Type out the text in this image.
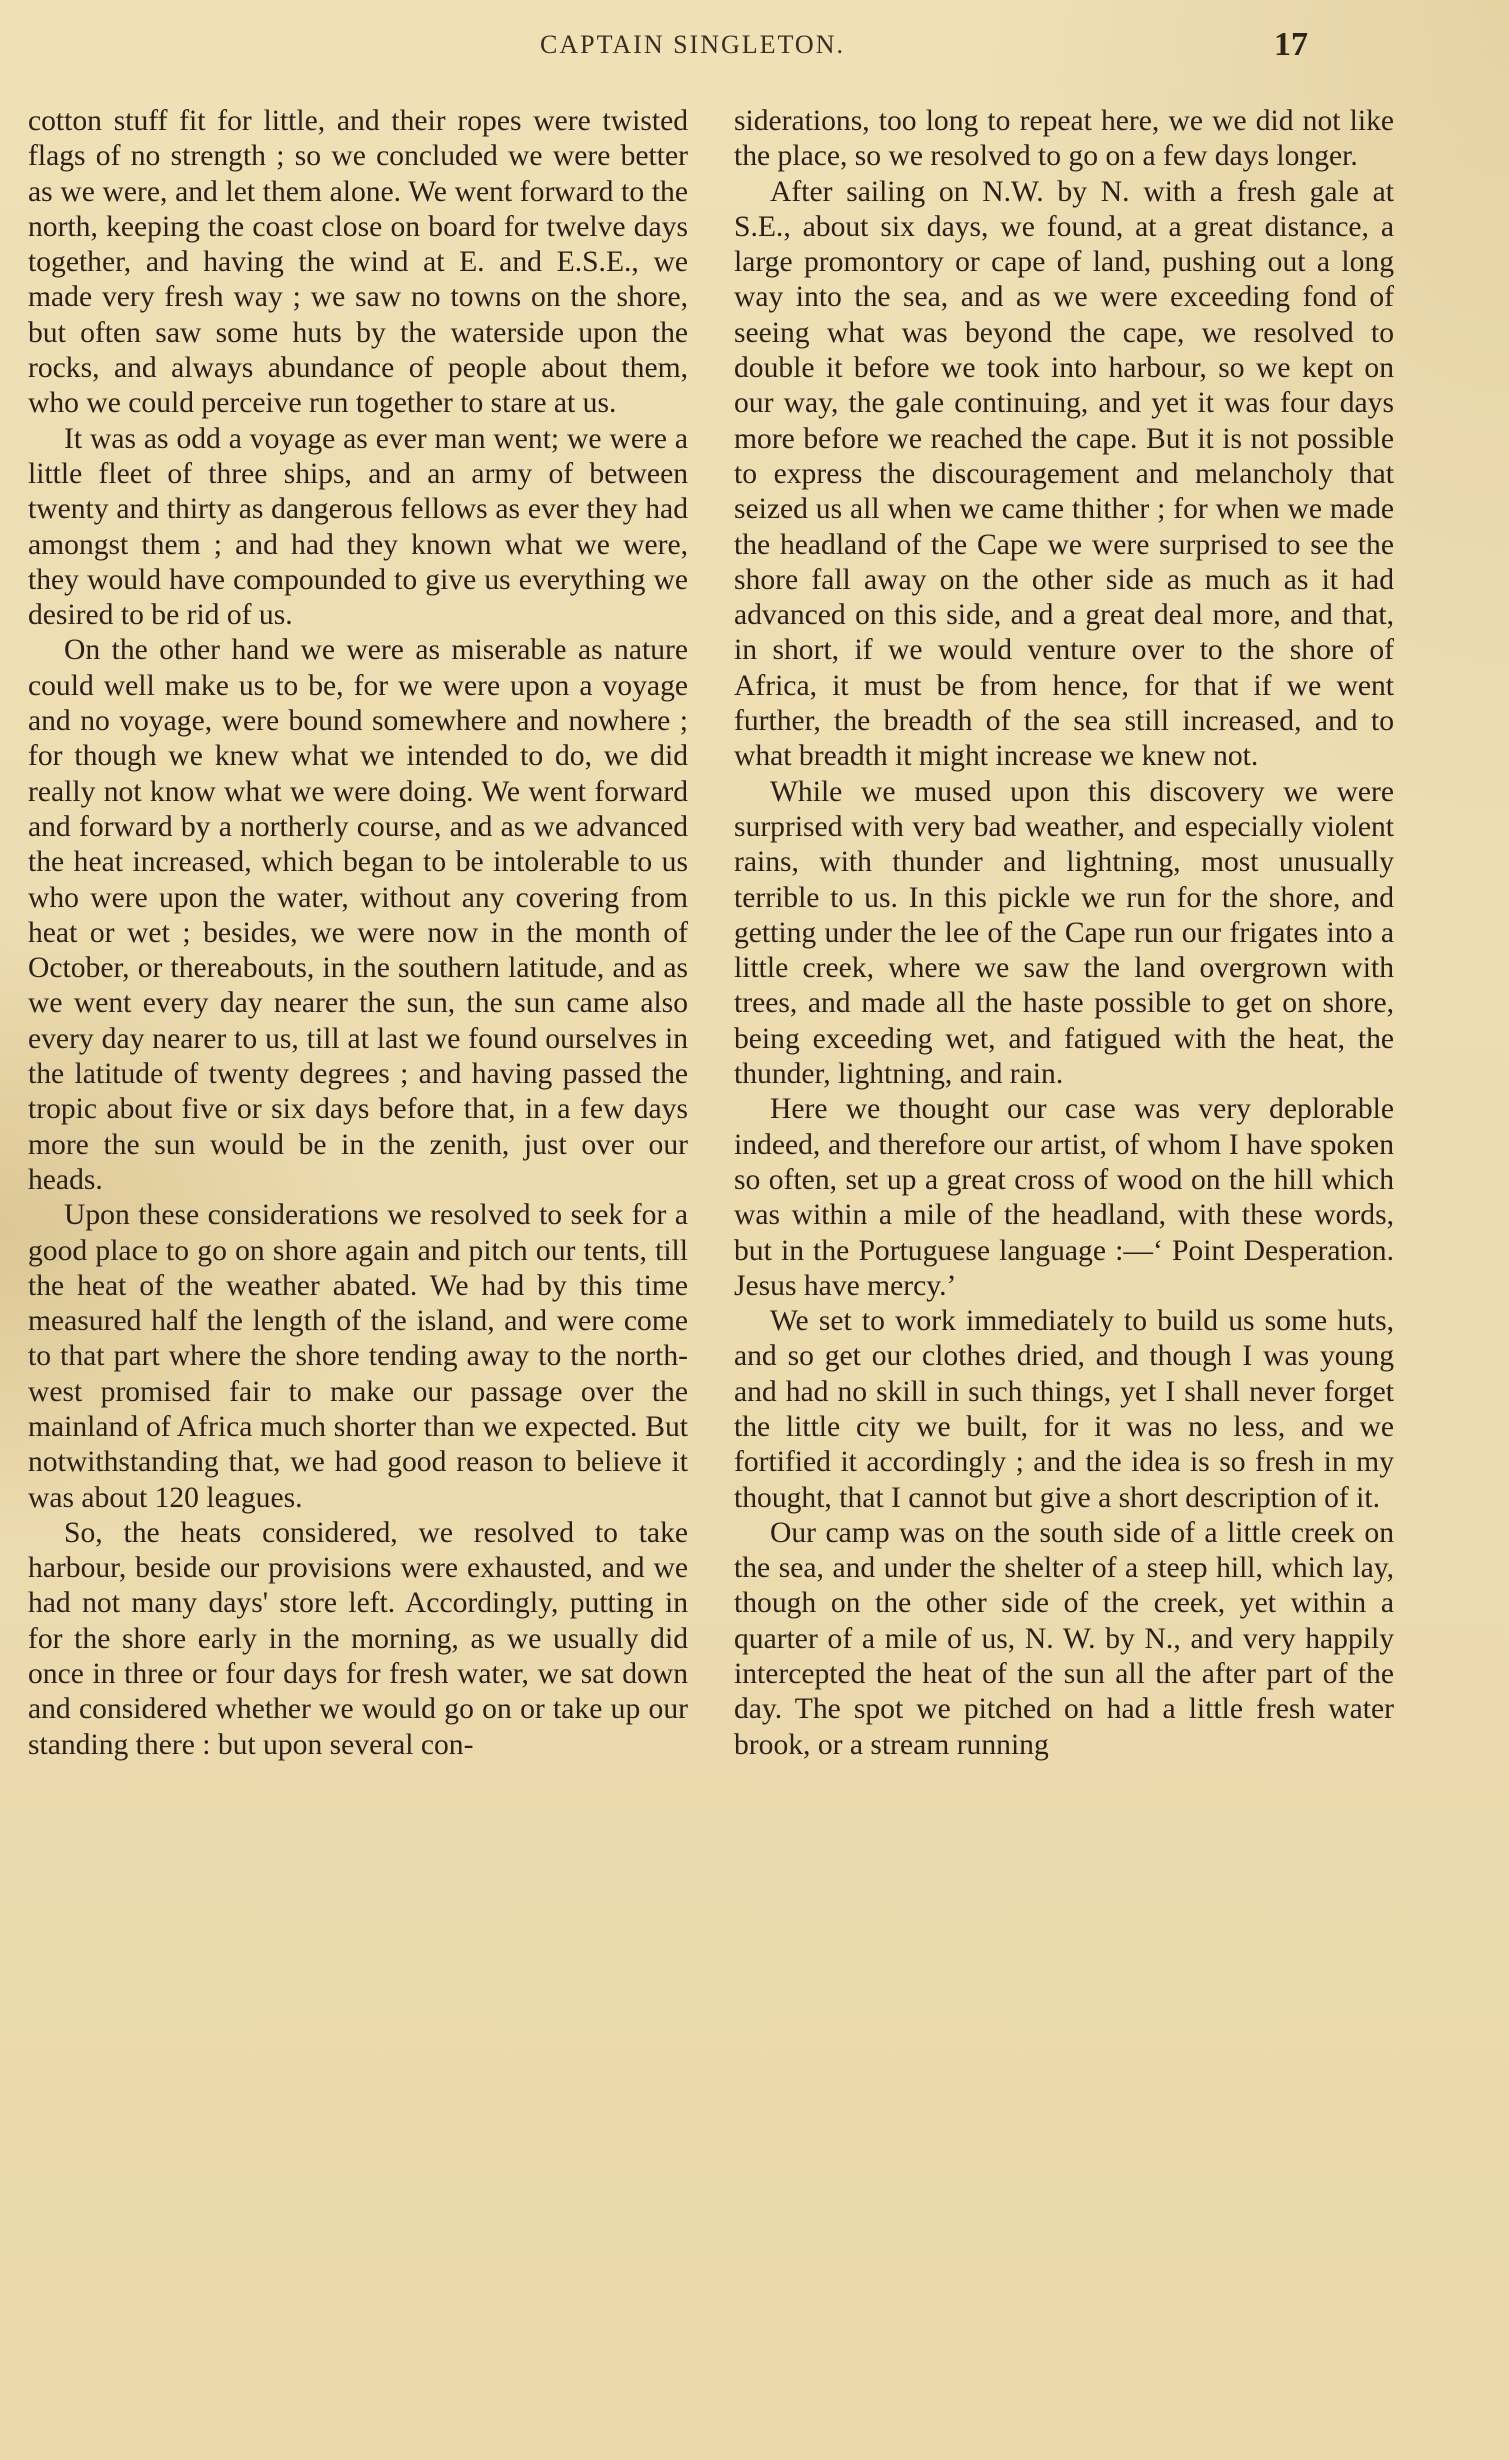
CAPTAIN SINGLETON.	17

cotton stuff fit for little, and their ropes were twisted flags of no strength ; so we concluded we were better as we were, and let them alone. We went forward to the north, keeping the coast close on board for twelve days together, and having the wind at E. and E.S.E., we made very fresh way ; we saw no towns on the shore, but often saw some huts by the waterside upon the rocks, and always abundance of people about them, who we could perceive run together to stare at us.

It was as odd a voyage as ever man went; we were a little fleet of three ships, and an army of between twenty and thirty as dangerous fellows as ever they had amongst them ; and had they known what we were, they would have compounded to give us everything we desired to be rid of us.

On the other hand we were as miserable as nature could well make us to be, for we were upon a voyage and no voyage, were bound somewhere and nowhere ; for though we knew what we intended to do, we did really not know what we were doing. We went forward and forward by a northerly course, and as we advanced the heat increased, which began to be intolerable to us who were upon the water, without any covering from heat or wet ; besides, we were now in the month of October, or thereabouts, in the southern latitude, and as we went every day nearer the sun, the sun came also every day nearer to us, till at last we found ourselves in the latitude of twenty degrees ; and having passed the tropic about five or six days before that, in a few days more the sun would be in the zenith, just over our heads.

Upon these considerations we resolved to seek for a good place to go on shore again and pitch our tents, till the heat of the weather abated. We had by this time measured half the length of the island, and were come to that part where the shore tending away to the north-west promised fair to make our passage over the mainland of Africa much shorter than we expected. But notwithstanding that, we had good reason to believe it was about 120 leagues.

So, the heats considered, we resolved to take harbour, beside our provisions were exhausted, and we had not many days' store left. Accordingly, putting in for the shore early in the morning, as we usually did once in three or four days for fresh water, we sat down and considered whether we would go on or take up our standing there : but upon several con-

siderations, too long to repeat here, we we did not like the place, so we resolved to go on a few days longer.

After sailing on N.W. by N. with a fresh gale at S.E., about six days, we found, at a great distance, a large promontory or cape of land, pushing out a long way into the sea, and as we were exceeding fond of seeing what was beyond the cape, we resolved to double it before we took into harbour, so we kept on our way, the gale continuing, and yet it was four days more before we reached the cape. But it is not possible to express the discouragement and melancholy that seized us all when we came thither ; for when we made the headland of the Cape we were surprised to see the shore fall away on the other side as much as it had advanced on this side, and a great deal more, and that, in short, if we would venture over to the shore of Africa, it must be from hence, for that if we went further, the breadth of the sea still increased, and to what breadth it might increase we knew not.

While we mused upon this discovery we were surprised with very bad weather, and especially violent rains, with thunder and lightning, most unusually terrible to us. In this pickle we run for the shore, and getting under the lee of the Cape run our frigates into a little creek, where we saw the land overgrown with trees, and made all the haste possible to get on shore, being exceeding wet, and fatigued with the heat, the thunder, lightning, and rain.

Here we thought our case was very deplorable indeed, and therefore our artist, of whom I have spoken so often, set up a great cross of wood on the hill which was within a mile of the headland, with these words, but in the Portuguese language :—‘ Point Desperation. Jesus have mercy.’

We set to work immediately to build us some huts, and so get our clothes dried, and though I was young and had no skill in such things, yet I shall never forget the little city we built, for it was no less, and we fortified it accordingly ; and the idea is so fresh in my thought, that I cannot but give a short description of it.

Our camp was on the south side of a little creek on the sea, and under the shelter of a steep hill, which lay, though on the other side of the creek, yet within a quarter of a mile of us, N. W. by N., and very happily intercepted the heat of the sun all the after part of the day. The spot we pitched on had a little fresh water brook, or a stream running
